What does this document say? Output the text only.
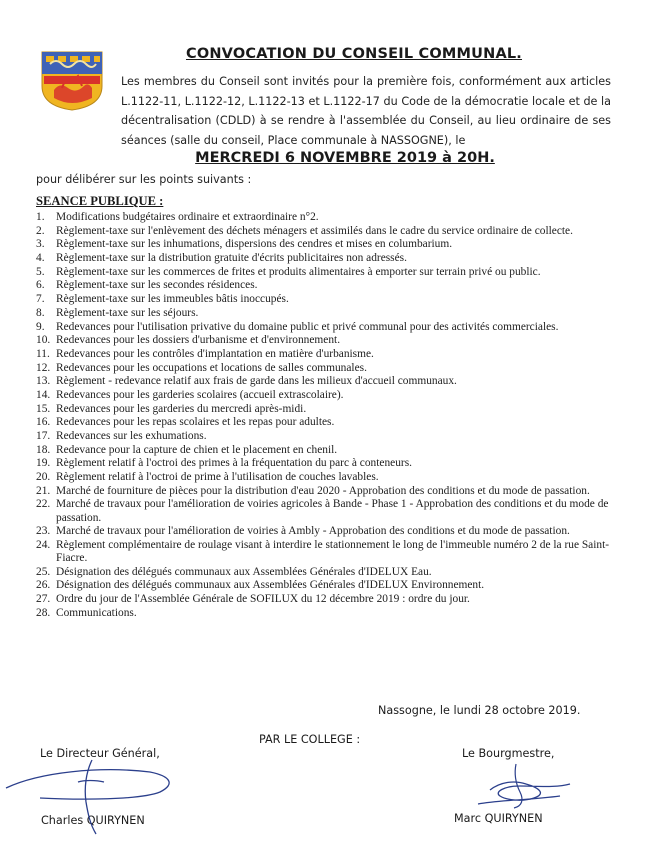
CONVOCATION DU CONSEIL COMMUNAL.
Les membres du Conseil sont invités pour la première fois, conformément aux articles L.1122-11, L.1122-12, L.1122-13 et L.1122-17 du Code de la démocratie locale et de la décentralisation (CDLD) à se rendre à l'assemblée du Conseil, au lieu ordinaire de ses séances (salle du conseil, Place communale à NASSOGNE), le
MERCREDI 6 NOVEMBRE 2019 à 20H.
pour délibérer sur les points suivants :
SEANCE PUBLIQUE :
1.	Modifications budgétaires ordinaire et extraordinaire n°2.
2.	Règlement-taxe sur l'enlèvement des déchets ménagers et assimilés dans le cadre du service ordinaire de collecte.
3.	Règlement-taxe sur les inhumations, dispersions des cendres et mises en columbarium.
4.	Règlement-taxe sur la distribution gratuite d'écrits publicitaires non adressés.
5.	Règlement-taxe sur les commerces de frites et produits alimentaires à emporter sur terrain privé ou public.
6.	Règlement-taxe sur les secondes résidences.
7.	Règlement-taxe sur les immeubles bâtis inoccupés.
8.	Règlement-taxe sur les séjours.
9.	Redevances pour l'utilisation privative du domaine public et privé communal pour des activités commerciales.
10. Redevances pour les dossiers d'urbanisme et d'environnement.
11. Redevances pour les contrôles d'implantation en matière d'urbanisme.
12. Redevances pour les occupations et locations de salles communales.
13. Règlement - redevance relatif aux frais de garde dans les milieux d'accueil communaux.
14. Redevances pour les garderies scolaires (accueil extrascolaire).
15. Redevances pour les garderies du mercredi après-midi.
16. Redevances pour les repas scolaires et les repas pour adultes.
17. Redevances sur les exhumations.
18. Redevance pour la capture de chien et le placement en chenil.
19. Règlement relatif à l'octroi des primes à la fréquentation du parc à conteneurs.
20. Règlement relatif à l'octroi de prime à l'utilisation de couches lavables.
21. Marché de fourniture de pièces pour la distribution d'eau 2020 - Approbation des conditions et du mode de passation.
22. Marché de travaux pour l'amélioration de voiries agricoles à Bande - Phase 1 - Approbation des conditions et du mode de passation.
23. Marché de travaux pour l'amélioration de voiries à Ambly - Approbation des conditions et du mode de passation.
24. Règlement complémentaire de roulage visant à interdire le stationnement le long de l'immeuble numéro 2 de la rue Saint-Fiacre.
25. Désignation des délégués communaux aux Assemblées Générales d'IDELUX Eau.
26. Désignation des délégués communaux aux Assemblées Générales d'IDELUX Environnement.
27. Ordre du jour de l'Assemblée Générale de SOFILUX du 12 décembre 2019 : ordre du jour.
28. Communications.
Nassogne, le lundi 28 octobre 2019.
PAR LE COLLEGE :
Le Directeur Général,	Le Bourgmestre,
Charles QUIRYNEN	Marc QUIRYNEN
